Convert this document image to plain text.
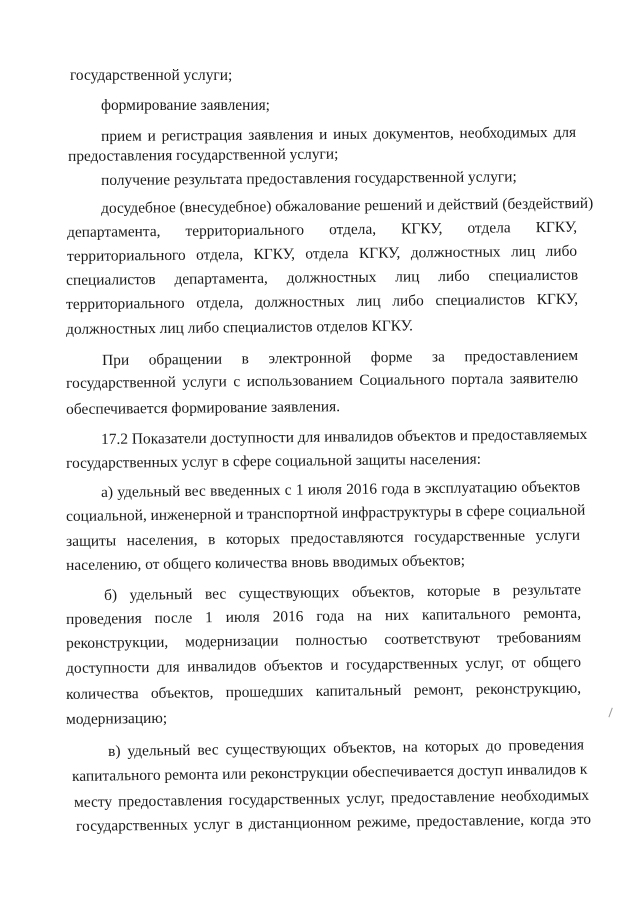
государственной услуги;
формирование заявления;
прием и регистрация заявления и иных документов, необходимых для
предоставления государственной услуги;
получение результата предоставления государственной услуги;
досудебное (внесудебное) обжалование решений и действий (бездействий)
департамента, территориального отдела, КГКУ, отдела КГКУ,
территориального отдела, КГКУ, отдела КГКУ, должностных лиц либо
специалистов департамента, должностных лиц либо специалистов
территориального отдела, должностных лиц либо специалистов КГКУ,
должностных лиц либо специалистов отделов КГКУ.
При обращении в электронной форме за предоставлением
государственной услуги с использованием Социального портала заявителю
обеспечивается формирование заявления.
17.2 Показатели доступности для инвалидов объектов и предоставляемых
государственных услуг в сфере социальной защиты населения:
а) удельный вес введенных с 1 июля 2016 года в эксплуатацию объектов
социальной, инженерной и транспортной инфраструктуры в сфере социальной
защиты населения, в которых предоставляются государственные услуги
населению, от общего количества вновь вводимых объектов;
б) удельный вес существующих объектов, которые в результате
проведения после 1 июля 2016 года на них капитального ремонта,
реконструкции, модернизации полностью соответствуют требованиям
доступности для инвалидов объектов и государственных услуг, от общего
количества объектов, прошедших капитальный ремонт, реконструкцию,
модернизацию;
в) удельный вес существующих объектов, на которых до проведения
капитального ремонта или реконструкции обеспечивается доступ инвалидов к
месту предоставления государственных услуг, предоставление необходимых
государственных услуг в дистанционном режиме, предоставление, когда это
